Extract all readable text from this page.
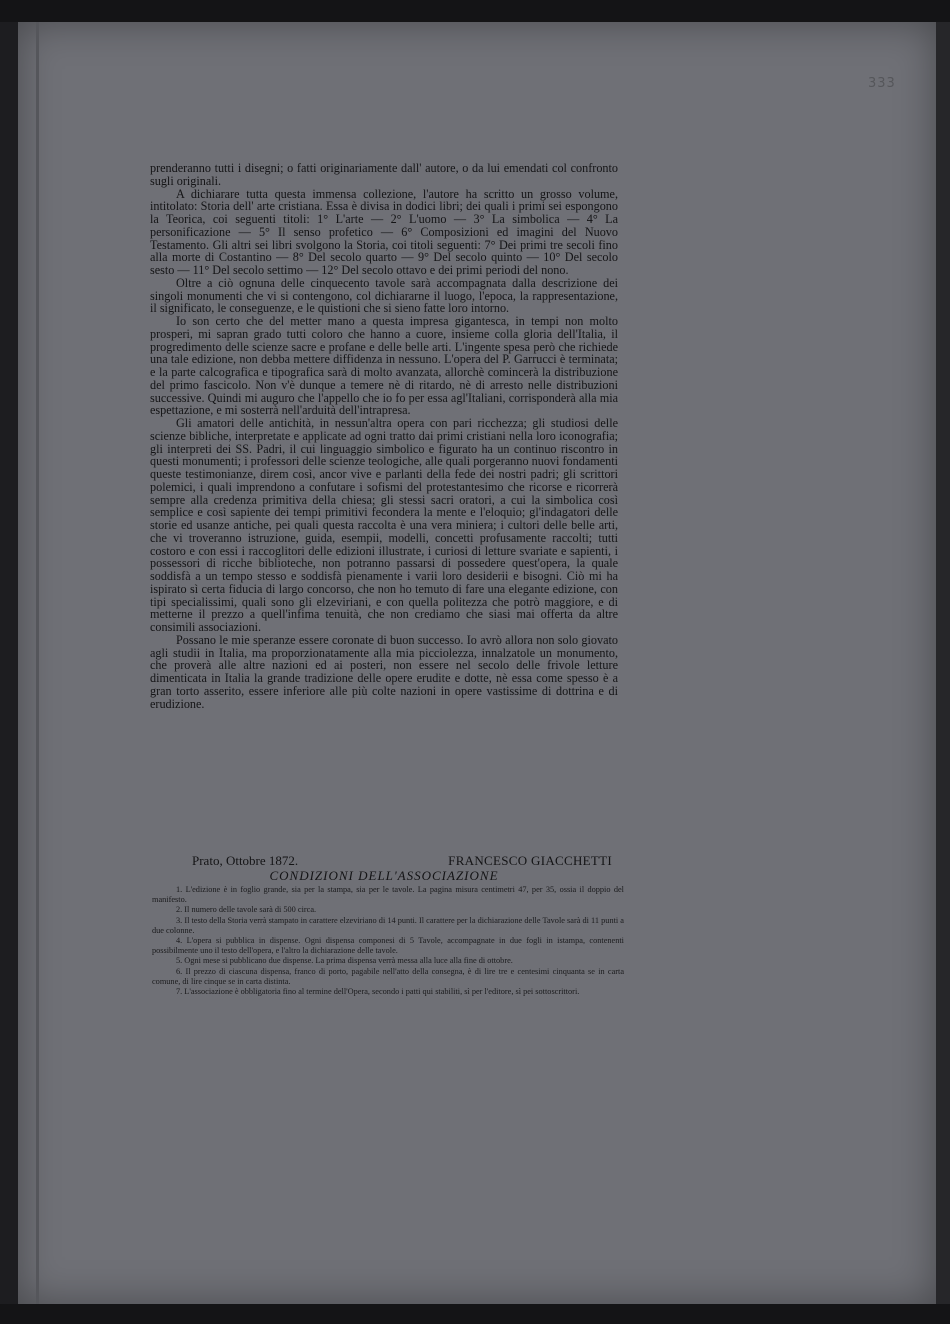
333

prenderanno tutti i disegni; o fatti originariamente dall' autore, o da lui emendati col confronto sugli originali.

A dichiarare tutta questa immensa collezione, l'autore ha scritto un grosso volume, intitolato: Storia dell' arte cristiana. Essa è divisa in dodici libri; dei quali i primi sei espongono la Teorica, coi seguenti titoli: 1° L'arte — 2° L'uomo — 3° La simbolica — 4° La personificazione — 5° Il senso profetico — 6° Composizioni ed imagini del Nuovo Testamento. Gli altri sei libri svolgono la Storia, coi titoli seguenti: 7° Dei primi tre secoli fino alla morte di Costantino — 8° Del secolo quarto — 9° Del secolo quinto — 10° Del secolo sesto — 11° Del secolo settimo — 12° Del secolo ottavo e dei primi periodi del nono.

Oltre a ciò ognuna delle cinquecento tavole sarà accompagnata dalla descrizione dei singoli monumenti che vi si contengono, col dichiararne il luogo, l'epoca, la rappresentazione, il significato, le conseguenze, e le quistioni che si sieno fatte loro intorno.

Io son certo che del metter mano a questa impresa gigantesca, in tempi non molto prosperi, mi sapran grado tutti coloro che hanno a cuore, insieme colla gloria dell'Italia, il progredimento delle scienze sacre e profane e delle belle arti. L'ingente spesa però che richiede una tale edizione, non debba mettere diffidenza in nessuno. L'opera del P. Garrucci è terminata; e la parte calcografica e tipografica sarà di molto avanzata, allorchè comincerà la distribuzione del primo fascicolo. Non v'è dunque a temere nè di ritardo, nè di arresto nelle distribuzioni successive. Quindi mi auguro che l'appello che io fo per essa agl'Italiani, corrisponderà alla mia espettazione, e mi sosterrà nell'arduità dell'intrapresa.

Gli amatori delle antichità, in nessun'altra opera con pari ricchezza; gli studiosi delle scienze bibliche, interpretate e applicate ad ogni tratto dai primi cristiani nella loro iconografia; gli interpreti dei SS. Padri, il cui linguaggio simbolico e figurato ha un continuo riscontro in questi monumenti; i professori delle scienze teologiche, alle quali porgeranno nuovi fondamenti queste testimonianze, direm così, ancor vive e parlanti della fede dei nostri padri; gli scrittori polemici, i quali imprendono a confutare i sofismi del protestantesimo che ricorse e ricorrerà sempre alla credenza primitiva della chiesa; gli stessi sacri oratori, a cui la simbolica così semplice e così sapiente dei tempi primitivi fecondera la mente e l'eloquio; gl'indagatori delle storie ed usanze antiche, pei quali questa raccolta è una vera miniera; i cultori delle belle arti, che vi troveranno istruzione, guida, esempii, modelli, concetti profusamente raccolti; tutti costoro e con essi i raccoglitori delle edizioni illustrate, i curiosi di letture svariate e sapienti, i possessori di ricche biblioteche, non potranno passarsi di possedere quest'opera, la quale soddisfà a un tempo stesso e soddisfà pienamente i varii loro desiderii e bisogni. Ciò mi ha ispirato sì certa fiducia di largo concorso, che non ho temuto di fare una elegante edizione, con tipi specialissimi, quali sono gli elzeviriani, e con quella politezza che potrò maggiore, e di metterne il prezzo a quell'infima tenuità, che non crediamo che siasi mai offerta da altre consimili associazioni.

Possano le mie speranze essere coronate di buon successo. Io avrò allora non solo giovato agli studii in Italia, ma proporzionatamente alla mia picciolezza, innalzatole un monumento, che proverà alle altre nazioni ed ai posteri, non essere nel secolo delle frivole letture dimenticata in Italia la grande tradizione delle opere erudite e dotte, nè essa come spesso è a gran torto asserito, essere inferiore alle più colte nazioni in opere vastissime di dottrina e di erudizione.

Prato, Ottobre 1872.	FRANCESCO GIACCHETTI
CONDIZIONI DELL'ASSOCIAZIONE

1. L'edizione è in foglio grande, sia per la stampa, sia per le tavole. La pagina misura centimetri 47, per 35, ossia il doppio del manifesto.

2. Il numero delle tavole sarà di 500 circa.

3. Il testo della Storia verrà stampato in carattere elzeviriano di 14 punti. Il carattere per la dichiarazione delle Tavole sarà di 11 punti a due colonne.

4. L'opera si pubblica in dispense. Ogni dispensa componesi di 5 Tavole, accompagnate in due fogli in istampa, contenenti possibilmente uno il testo dell'opera, e l'altro la dichiarazione delle tavole.

5. Ogni mese si pubblicano due dispense. La prima dispensa verrà messa alla luce alla fine di ottobre.

6. Il prezzo di ciascuna dispensa, franco di porto, pagabile nell'atto della consegna, è di lire tre e centesimi cinquanta se in carta comune, di lire cinque se in carta distinta.

7. L'associazione è obbligatoria fino al termine dell'Opera, secondo i patti qui stabiliti, sì per l'editore, sì pei sottoscrittori.
